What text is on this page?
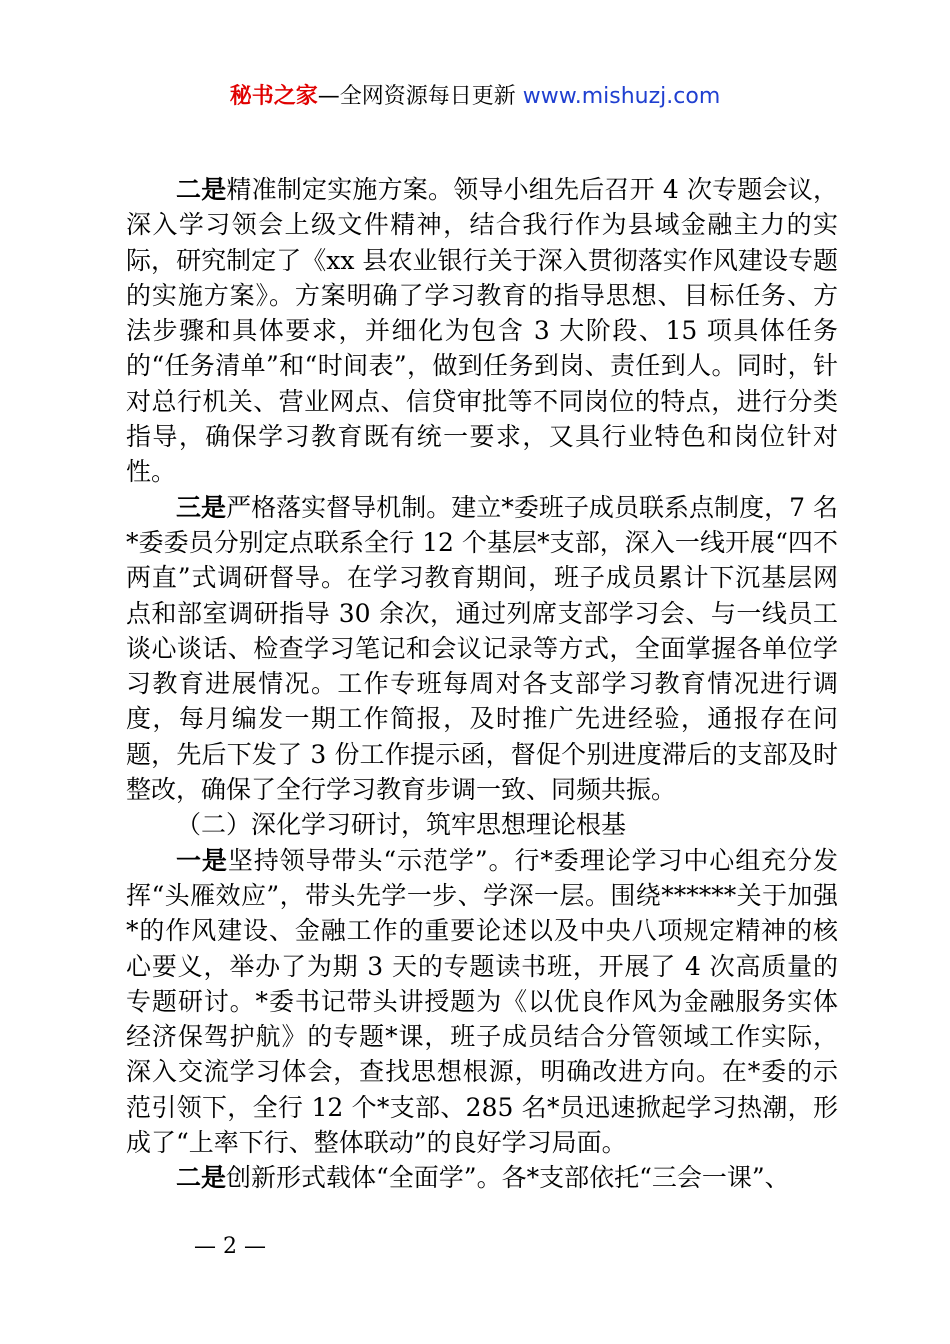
秘书之家—全网资源每日更新 www.mishuzj.com

二是精准制定实施方案。领导小组先后召开 4 次专题会议，深入学习领会上级文件精神，结合我行作为县域金融主力的实际，研究制定了《xx 县农业银行关于深入贯彻落实作风建设专题的实施方案》。方案明确了学习教育的指导思想、目标任务、方法步骤和具体要求，并细化为包含 3 大阶段、15 项具体任务的“任务清单”和“时间表”，做到任务到岗、责任到人。同时，针对总行机关、营业网点、信贷审批等不同岗位的特点，进行分类指导，确保学习教育既有统一要求，又具行业特色和岗位针对性。

三是严格落实督导机制。建立*委班子成员联系点制度，7 名*委委员分别定点联系全行 12 个基层*支部，深入一线开展“四不两直”式调研督导。在学习教育期间，班子成员累计下沉基层网点和部室调研指导 30 余次，通过列席支部学习会、与一线员工谈心谈话、检查学习笔记和会议记录等方式，全面掌握各单位学习教育进展情况。工作专班每周对各支部学习教育情况进行调度，每月编发一期工作简报，及时推广先进经验，通报存在问题，先后下发了 3 份工作提示函，督促个别进度滞后的支部及时整改，确保了全行学习教育步调一致、同频共振。

（二）深化学习研讨，筑牢思想理论根基

一是坚持领导带头“示范学”。行*委理论学习中心组充分发挥“头雁效应”，带头先学一步、学深一层。围绕******关于加强*的作风建设、金融工作的重要论述以及中央八项规定精神的核心要义，举办了为期 3 天的专题读书班，开展了 4 次高质量的专题研讨。*委书记带头讲授题为《以优良作风为金融服务实体经济保驾护航》的专题*课，班子成员结合分管领域工作实际，深入交流学习体会，查找思想根源，明确改进方向。在*委的示范引领下，全行 12 个*支部、285 名*员迅速掀起学习热潮，形成了“上率下行、整体联动”的良好学习局面。

二是创新形式载体“全面学”。各*支部依托“三会一课”、

— 2 —
